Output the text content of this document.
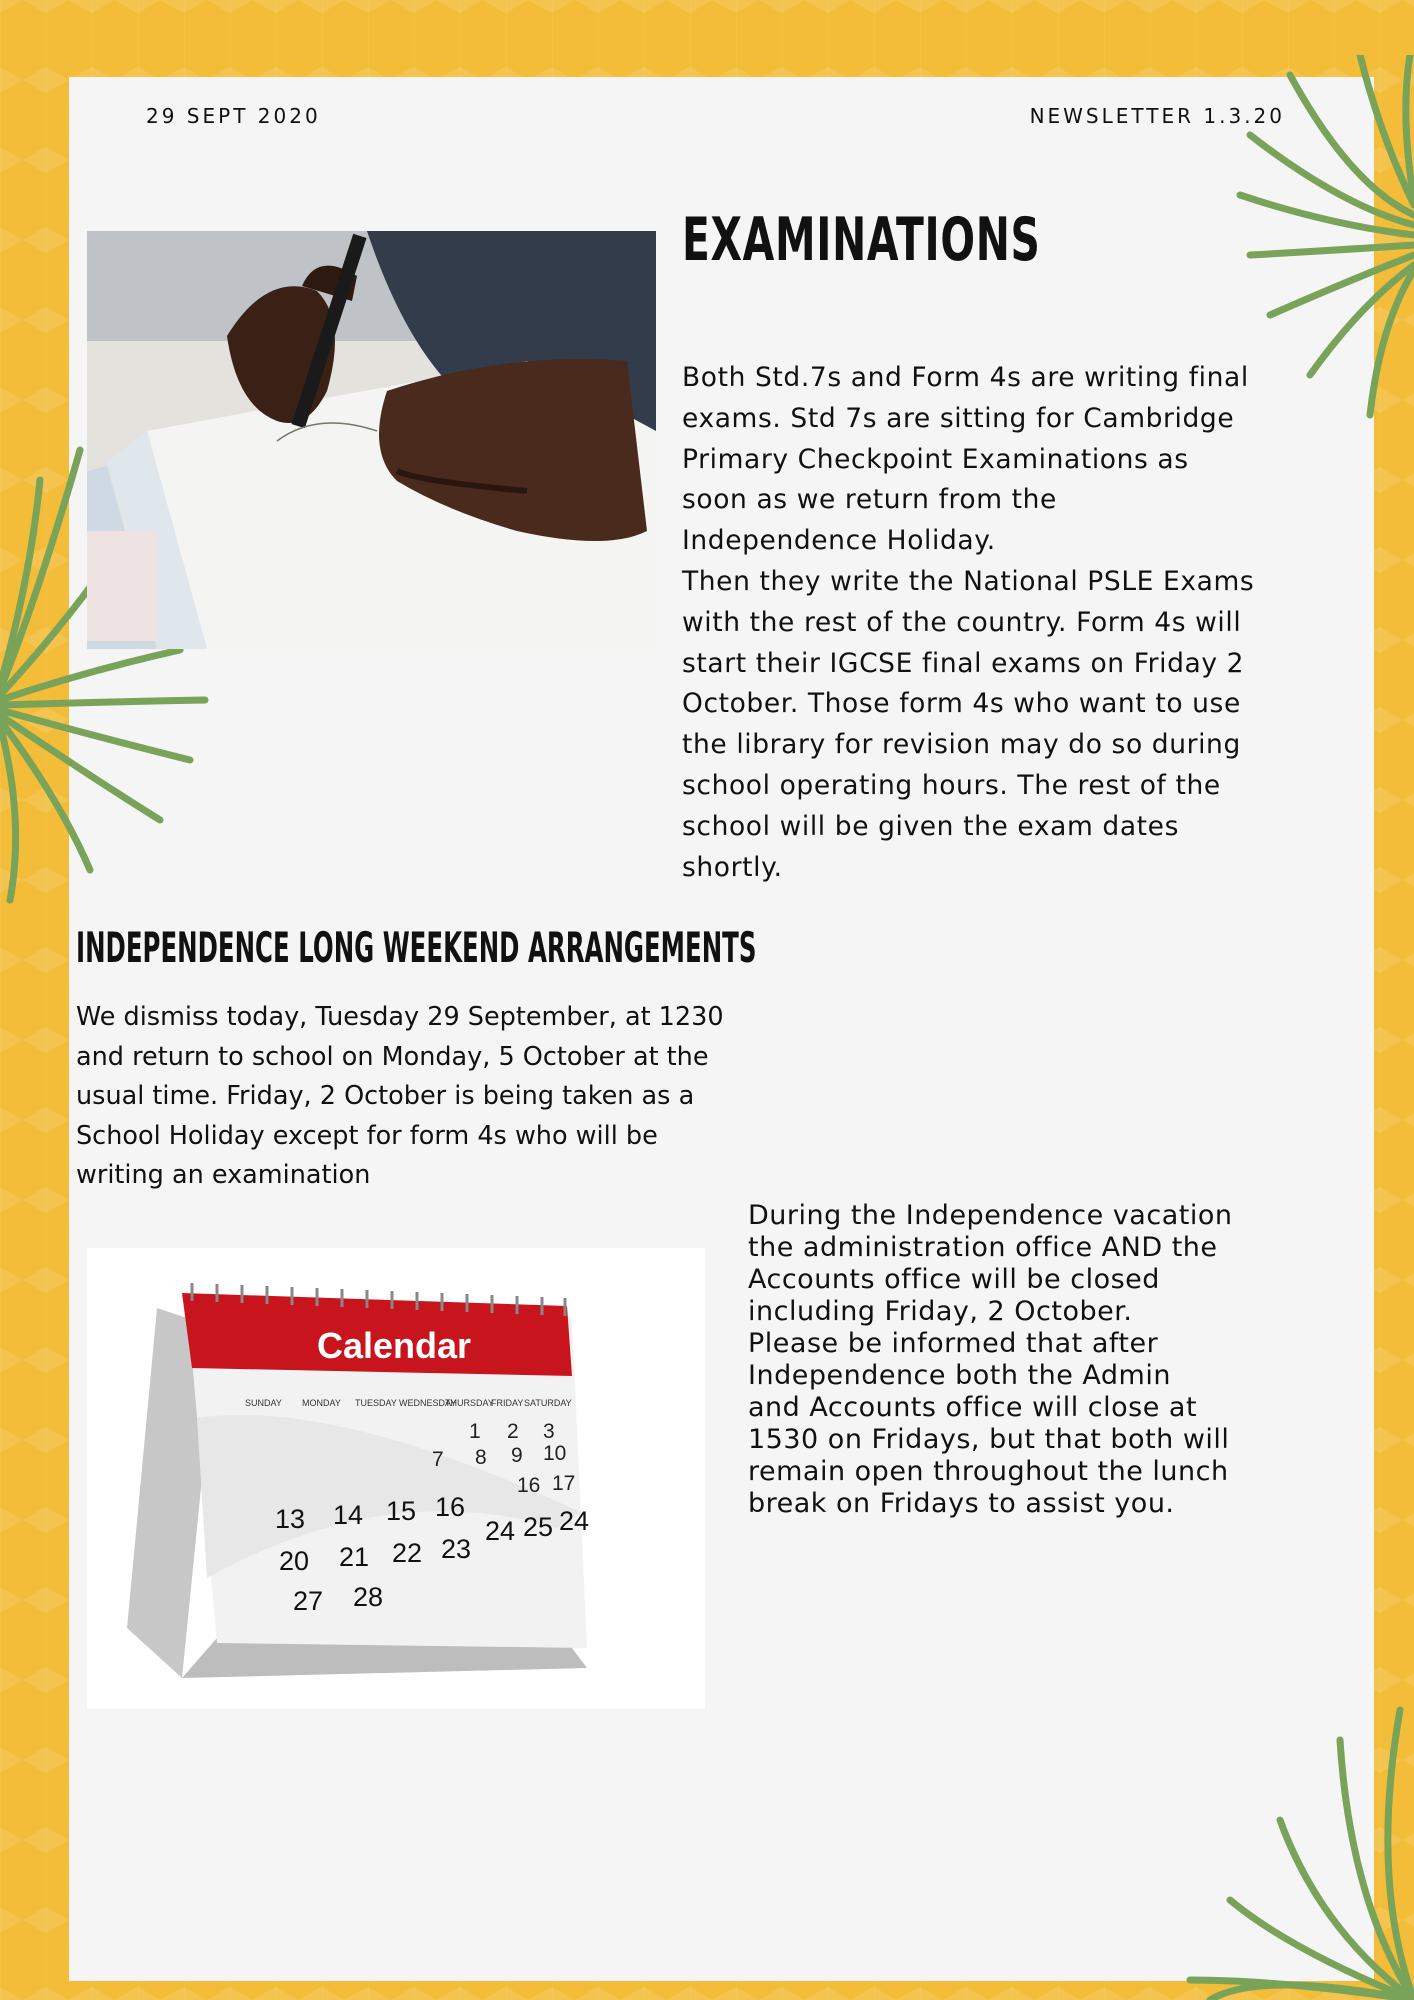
29 SEPT 2020	NEWSLETTER 1.3.20
EXAMINATIONS

Both Std.7s and Form 4s are writing final
exams. Std 7s are sitting for Cambridge
Primary Checkpoint Examinations as
soon as we return from the
Independence Holiday.
Then they write the National PSLE Exams
with the rest of the country. Form 4s will
start their IGCSE final exams on Friday 2
October. Those form 4s who want to use
the library for revision may do so during
school operating hours. The rest of the
school will be given the exam dates
shortly.

INDEPENDENCE LONG WEEKEND ARRANGEMENTS

We dismiss today, Tuesday 29 September, at 1230 and return to school on Monday, 5 October at the usual time. Friday, 2 October is being taken as a School Holiday except for form 4s who will be writing an examination

Calendar
SUNDAY MONDAY TUESDAY WEDNESDAY
THURSDAY
FRIDAY SATURDAY
1 2 3
7 8 9 10
16 17
13 14 15 16
24 25 24
20 21 22 23
27 28

During the Independence vacation
the administration office AND the
Accounts office will be closed
including Friday, 2 October.
Please be informed that after
Independence both the Admin
and Accounts office will close at
1530 on Fridays, but that both will
remain open throughout the lunch
break on Fridays to assist you.
